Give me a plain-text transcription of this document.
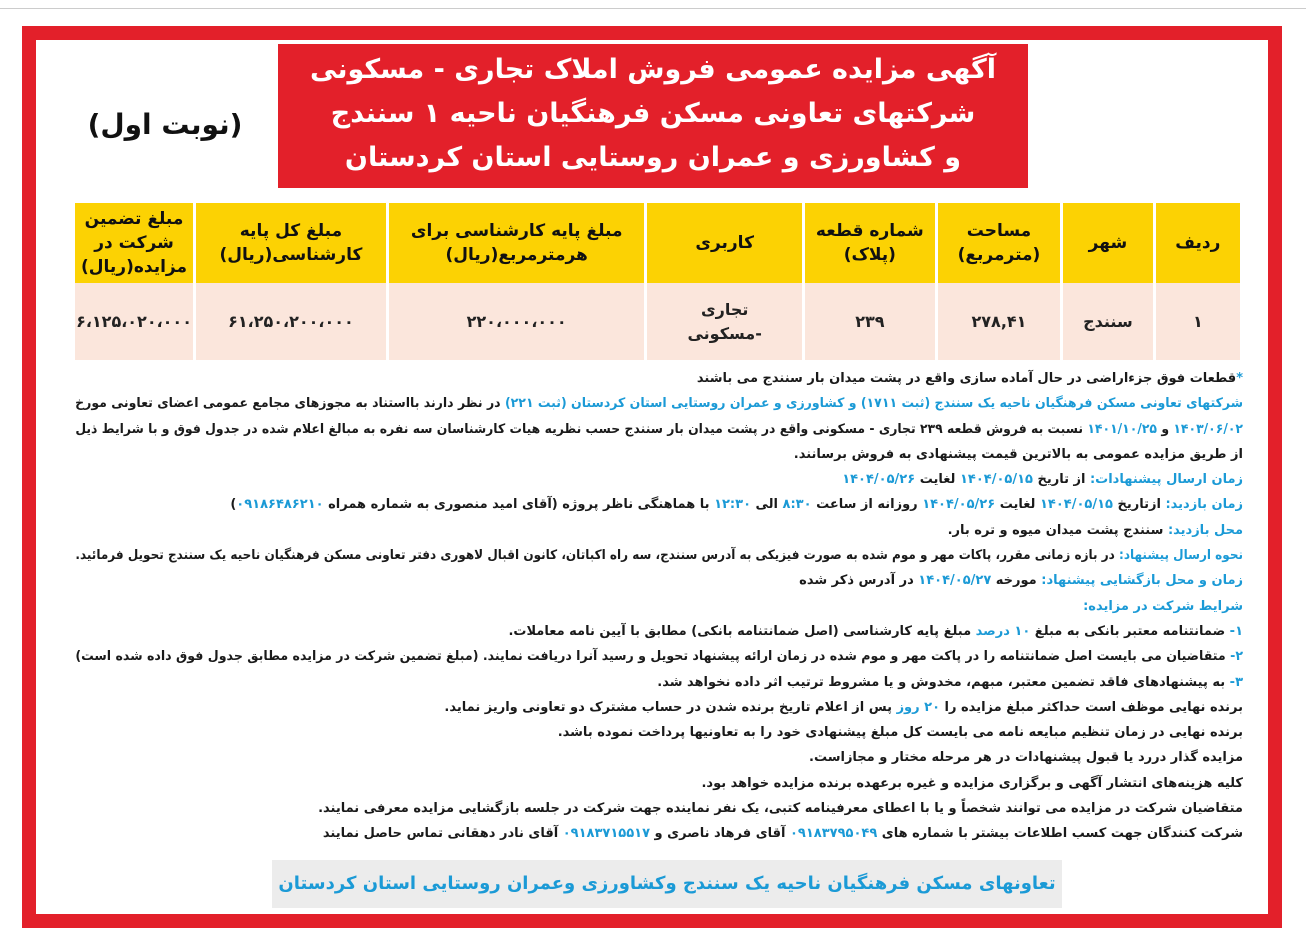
آگهی مزایده عمومی فروش املاک تجاری - مسکونی
شرکتهای تعاونی مسکن فرهنگیان ناحیه ۱ سنندج
و کشاورزی و عمران روستایی استان کردستان
(نوبت اول)
ردیف	شهر	مساحت (مترمربع)	شماره قطعه (پلاک)	کاربری	مبلغ پایه کارشناسی برای هرمترمربع(ریال)	مبلغ کل پایه کارشناسی(ریال)	مبلغ تضمین شرکت در مزایده(ریال)
۱	سنندج	۲۷۸,۴۱	۲۳۹	تجاری -مسکونی	۲۲۰،۰۰۰،۰۰۰	۶۱،۲۵۰،۲۰۰،۰۰۰	۶،۱۲۵،۰۲۰،۰۰۰
*قطعات فوق جزءاراضی در حال آماده سازی واقع در پشت میدان بار سنندج می باشند
شرکتهای تعاونی مسکن فرهنگیان ناحیه یک سنندج (ثبت ۱۷۱۱) و کشاورزی و عمران روستایی استان کردستان (ثبت ۲۲۱) در نظر دارند بااستناد به مجوزهای مجامع عمومی اعضای تعاونی مورخ
۱۴۰۳/۰۶/۰۲ و ۱۴۰۱/۱۰/۲۵ نسبت به فروش قطعه ۲۳۹ تجاری - مسکونی واقع در پشت میدان بار سنندج حسب نظریه هیات کارشناسان سه نفره به مبالغ اعلام شده در جدول فوق و با شرایط ذیل
از طریق مزایده عمومی به بالاترین قیمت پیشنهادی به فروش برسانند.
زمان ارسال پیشنهادات: از تاریخ ۱۴۰۴/۰۵/۱۵ لغایت ۱۴۰۴/۰۵/۲۶
زمان بازدید: ازتاریخ ۱۴۰۴/۰۵/۱۵ لغایت ۱۴۰۴/۰۵/۲۶ روزانه از ساعت ۸:۳۰ الی ۱۲:۳۰ با هماهنگی ناظر پروژه (آقای امید منصوری به شماره همراه ۰۹۱۸۶۴۸۶۲۱۰)
محل بازدید: سنندج پشت میدان میوه و تره بار.
نحوه ارسال پیشنهاد: در بازه زمانی مقرر، پاکات مهر و موم شده به صورت فیزیکی به آدرس سنندج، سه راه اکباتان، کانون اقبال لاهوری دفتر تعاونی مسکن فرهنگیان ناحیه یک سنندج تحویل فرمائید.
زمان و محل بازگشایی پیشنهاد: مورخه ۱۴۰۴/۰۵/۲۷ در آدرس ذکر شده
شرایط شرکت در مزایده:
۱- ضمانتنامه معتبر بانکی به مبلغ ۱۰ درصد مبلغ پایه کارشناسی (اصل ضمانتنامه بانکی) مطابق با آیین نامه معاملات.
۲- متقاضیان می بایست اصل ضمانتنامه را در پاکت مهر و موم شده در زمان ارائه پیشنهاد تحویل و رسید آنرا دریافت نمایند. (مبلغ تضمین شرکت در مزایده مطابق جدول فوق داده شده است)
۳- به پیشنهادهای فاقد تضمین معتبر، مبهم، مخدوش و یا مشروط ترتیب اثر داده نخواهد شد.
برنده نهایی موظف است حداکثر مبلغ مزایده را ۲۰ روز پس از اعلام تاریخ برنده شدن در حساب مشترک دو تعاونی واریز نماید.
برنده نهایی در زمان تنظیم مبایعه نامه می بایست کل مبلغ پیشنهادی خود را به تعاونیها پرداخت نموده باشد.
مزایده گذار دررد یا قبول پیشنهادات در هر مرحله مختار و مجازاست.
کلیه هزینه‌های انتشار آگهی و برگزاری مزایده و غیره برعهده برنده مزایده خواهد بود.
متقاضیان شرکت در مزایده می توانند شخصاً و یا با اعطای معرفینامه کتبی، یک نفر نماینده جهت شرکت در جلسه بازگشایی مزایده معرفی نمایند.
شرکت کنندگان جهت کسب اطلاعات بیشتر با شماره های ۰۹۱۸۳۷۹۵۰۴۹ آقای فرهاد ناصری و ۰۹۱۸۳۷۱۵۵۱۷ آقای نادر دهقانی تماس حاصل نمایند
تعاونهای مسکن فرهنگیان ناحیه یک سنندج وکشاورزی وعمران روستایی استان کردستان
